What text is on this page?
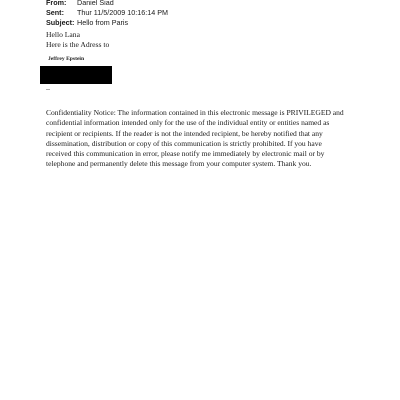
From:	Daniel Siad
Sent:	Thur 11/5/2009 10:16:14 PM
Subject: Hello from Paris
Hello Lana
Here is the Adress to
Jeffrey Epstein
--
Confidentiality Notice: The information contained in this electronic message is PRIVILEGED and
confidential information intended only for the use of the individual entity or entities named as
recipient or recipients. If the reader is not the intended recipient, be hereby notified that any
dissemination, distribution or copy of this communication is strictly prohibited. If you have
received this communication in error, please notify me immediately by electronic mail or by
telephone and permanently delete this message from your computer system. Thank you.
